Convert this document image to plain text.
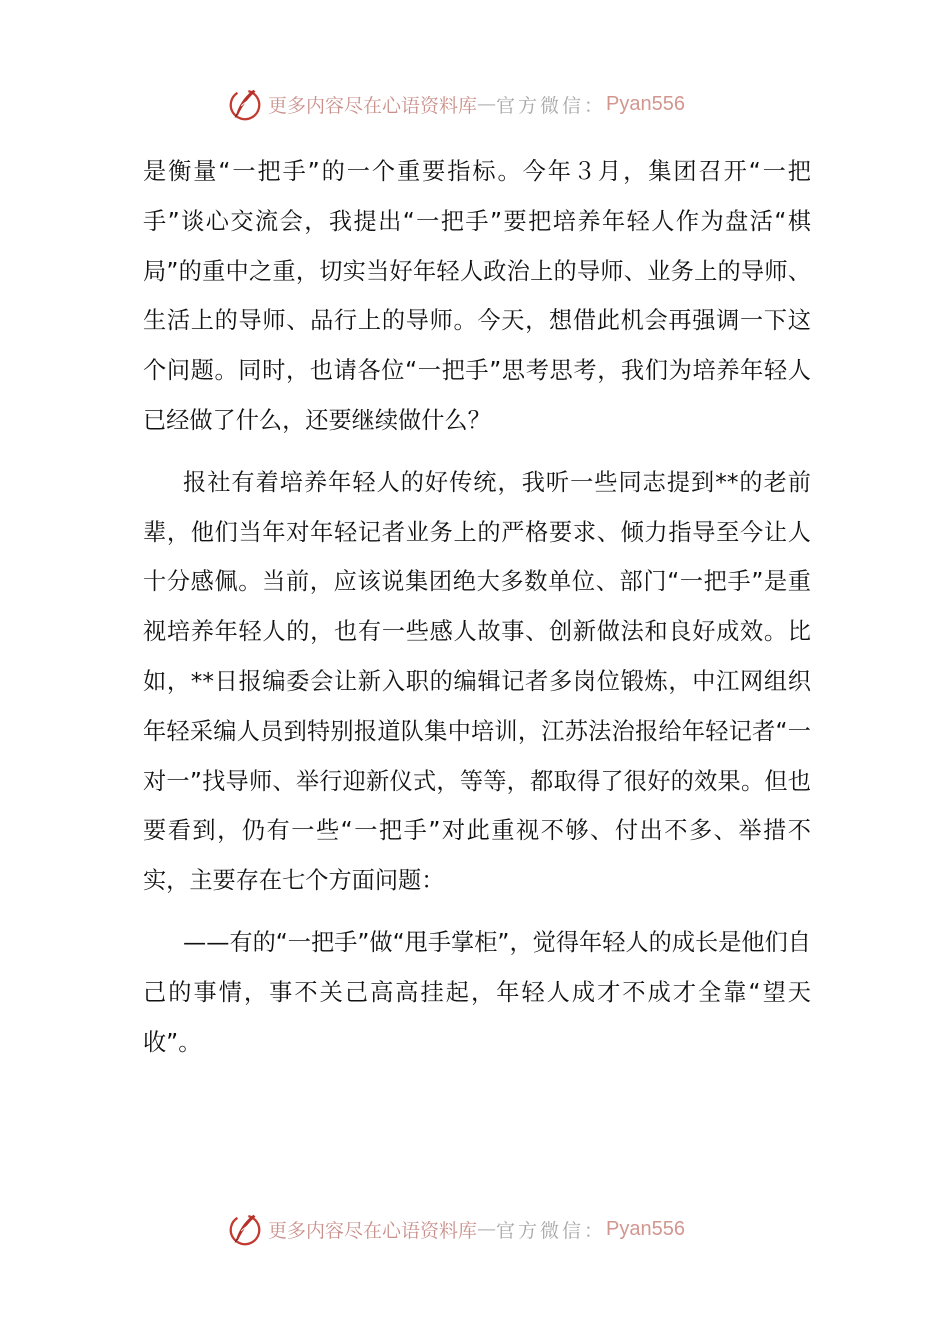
更多内容尽在心语资料库 — 官方微信： Pyan556

是衡量“一把手”的一个重要指标。今年３月，集团召开“一把手”谈心交流会，我提出“一把手”要把培养年轻人作为盘活“棋局”的重中之重，切实当好年轻人政治上的导师、业务上的导师、生活上的导师、品行上的导师。今天，想借此机会再强调一下这个问题。同时，也请各位“一把手”思考思考，我们为培养年轻人已经做了什么，还要继续做什么？

报社有着培养年轻人的好传统，我听一些同志提到**的老前辈，他们当年对年轻记者业务上的严格要求、倾力指导至今让人十分感佩。当前，应该说集团绝大多数单位、部门“一把手”是重视培养年轻人的，也有一些感人故事、创新做法和良好成效。比如，**日报编委会让新入职的编辑记者多岗位锻炼，中江网组织年轻采编人员到特别报道队集中培训，江苏法治报给年轻记者“一对一”找导师、举行迎新仪式，等等，都取得了很好的效果。但也要看到，仍有一些“一把手”对此重视不够、付出不多、举措不实，主要存在七个方面问题：

——有的“一把手”做“甩手掌柜”，觉得年轻人的成长是他们自己的事情，事不关己高高挂起，年轻人成才不成才全靠“望天收”。

更多内容尽在心语资料库 — 官方微信： Pyan556
